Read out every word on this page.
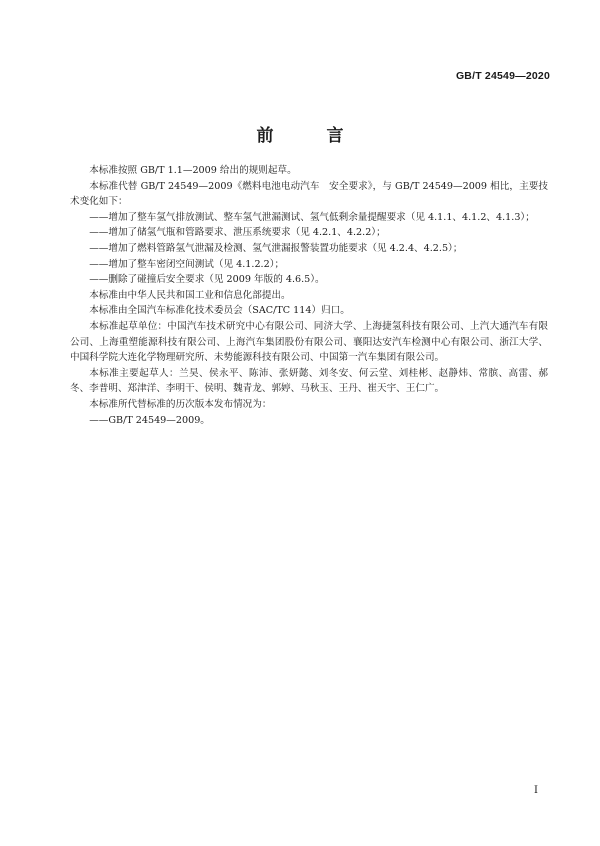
GB/T 24549—2020
前　言

本标准按照 GB/T 1.1—2009 给出的规则起草。

本标准代替 GB/T 24549—2009《燃料电池电动汽车　安全要求》，与 GB/T 24549—2009 相比，主要技术变化如下：

——增加了整车氢气排放测试、整车氢气泄漏测试、氢气低剩余量提醒要求（见 4.1.1、4.1.2、4.1.3）；

——增加了储氢气瓶和管路要求、泄压系统要求（见 4.2.1、4.2.2）；

——增加了燃料管路氢气泄漏及检测、氢气泄漏报警装置功能要求（见 4.2.4、4.2.5）；

——增加了整车密闭空间测试（见 4.1.2.2）；

——删除了碰撞后安全要求（见 2009 年版的 4.6.5）。

本标准由中华人民共和国工业和信息化部提出。

本标准由全国汽车标准化技术委员会（SAC/TC 114）归口。

本标准起草单位：中国汽车技术研究中心有限公司、同济大学、上海捷氢科技有限公司、上汽大通汽车有限公司、上海重塑能源科技有限公司、上海汽车集团股份有限公司、襄阳达安汽车检测中心有限公司、浙江大学、中国科学院大连化学物理研究所、未势能源科技有限公司、中国第一汽车集团有限公司。

本标准主要起草人：兰昊、侯永平、陈沛、张妍懿、刘冬安、何云堂、刘桂彬、赵静炜、常膑、高雷、郝冬、李普明、郑津洋、李明干、侯明、魏青龙、郭婷、马秋玉、王丹、崔天宇、王仁广。

本标准所代替标准的历次版本发布情况为：

——GB/T 24549—2009。

I
